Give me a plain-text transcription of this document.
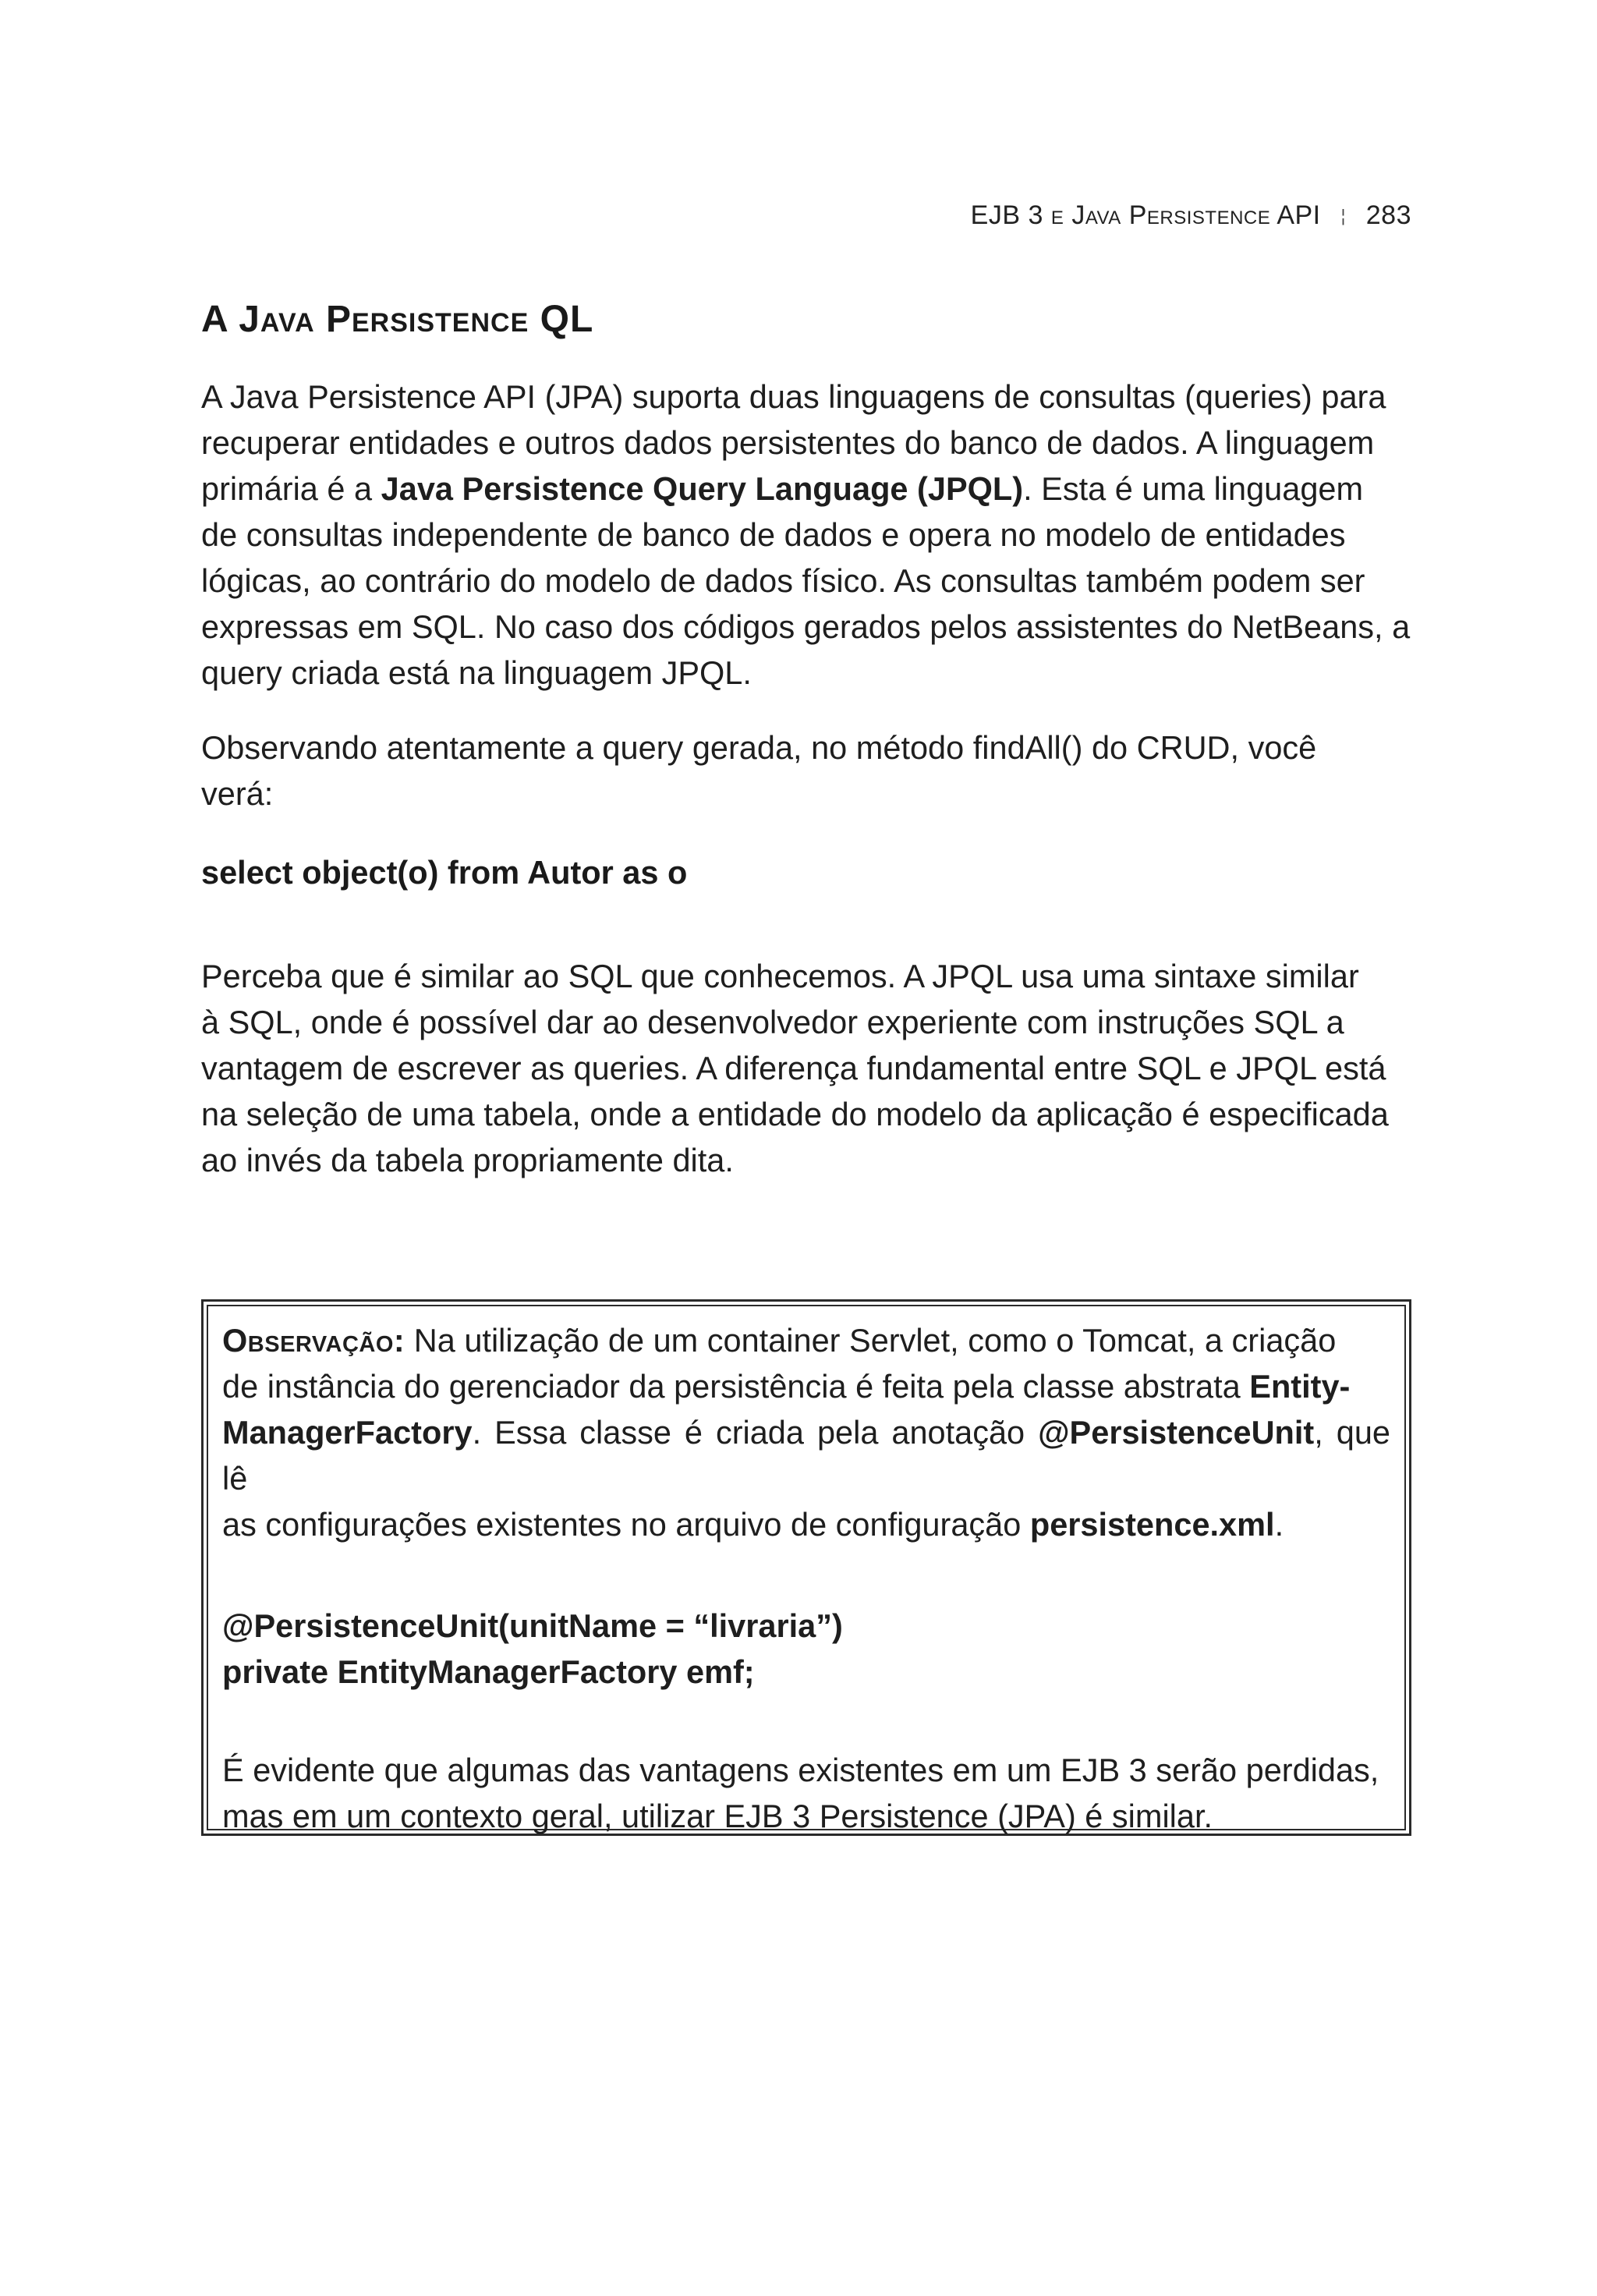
EJB 3 e Java Persistence API ¦ 283
A Java Persistence QL

A Java Persistence API (JPA) suporta duas linguagens de consultas (queries) para

recuperar entidades e outros dados persistentes do banco de dados. A linguagem

primária é a Java Persistence Query Language (JPQL). Esta é uma linguagem

de consultas independente de banco de dados e opera no modelo de entidades

lógicas, ao contrário do modelo de dados físico. As consultas também podem ser

expressas em SQL. No caso dos códigos gerados pelos assistentes do NetBeans, a

query criada está na linguagem JPQL.

Observando atentamente a query gerada, no método findAll() do CRUD, você

verá:

select object(o) from Autor as o

Perceba que é similar ao SQL que conhecemos. A JPQL usa uma sintaxe similar

à SQL, onde é possível dar ao desenvolvedor experiente com instruções SQL a

vantagem de escrever as queries. A diferença fundamental entre SQL e JPQL está

na seleção de uma tabela, onde a entidade do modelo da aplicação é especificada

ao invés da tabela propriamente dita.

Observação: Na utilização de um container Servlet, como o Tomcat, a criação

de instância do gerenciador da persistência é feita pela classe abstrata Entity-

ManagerFactory. Essa classe é criada pela anotação @PersistenceUnit, que lê

as configurações existentes no arquivo de configuração persistence.xml.

@PersistenceUnit(unitName = “livraria”)

private EntityManagerFactory emf;

É evidente que algumas das vantagens existentes em um EJB 3 serão perdidas,

mas em um contexto geral, utilizar EJB 3 Persistence (JPA) é similar.
